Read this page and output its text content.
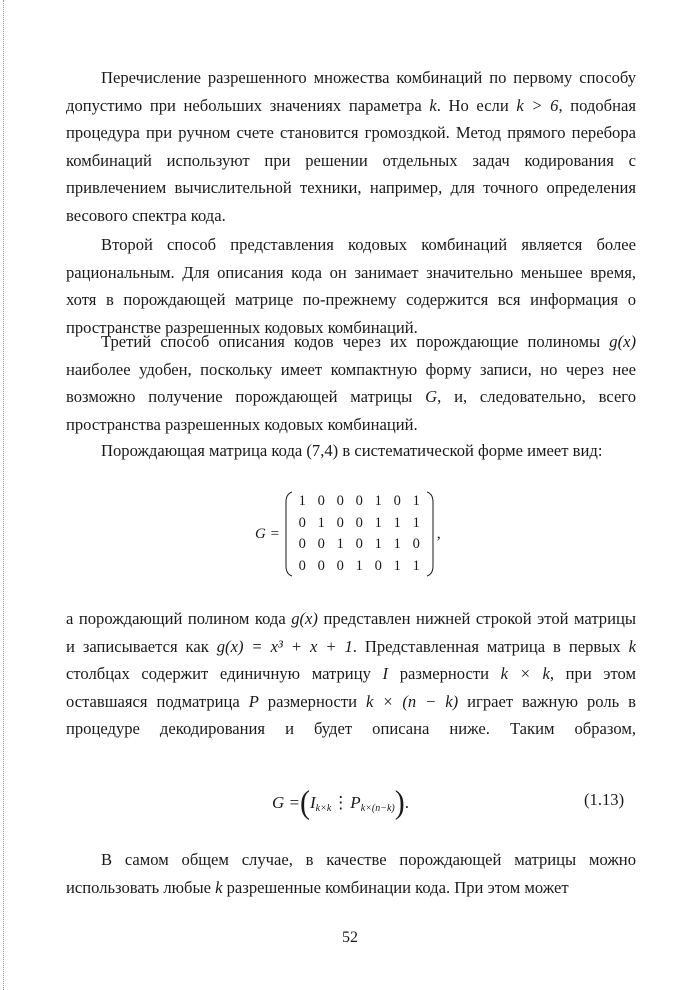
Перечисление разрешенного множества комбинаций по первому способу допустимо при небольших значениях параметра k. Но если k > 6, подобная процедура при ручном счете становится громоздкой. Метод прямого перебора комбинаций используют при решении отдельных задач кодирования с привлечением вычислительной техники, например, для точного определения весового спектра кода.

Второй способ представления кодовых комбинаций является более рациональным. Для описания кода он занимает значительно меньшее время, хотя в порождающей матрице по-прежнему содержится вся информация о пространстве разрешенных кодовых комбинаций.

Третий способ описания кодов через их порождающие полиномы g(x) наиболее удобен, поскольку имеет компактную форму записи, но через нее возможно получение порождающей матрицы G, и, следовательно, всего пространства разрешенных кодовых комбинаций.

Порождающая матрица кода (7,4) в систематической форме имеет вид:

G =
1 0 0 0 1 0 1
0 1 0 0 1 1 1
0 0 1 0 1 1 0
0 0 0 1 0 1 1
,

а порождающий полином кода g(x) представлен нижней строкой этой матрицы и записывается как g(x) = x³ + x + 1. Представленная матрица в первых k столбцах содержит единичную матрицу I размерности k × k, при этом оставшаяся подматрица P размерности k × (n − k) играет важную роль в процедуре декодирования и будет описана ниже. Таким образом,

G = ( I k×k ⋮ P k×(n−k) ) .	(1.13)

В самом общем случае, в качестве порождающей матрицы можно использовать любые k разрешенные комбинации кода. При этом может

52
